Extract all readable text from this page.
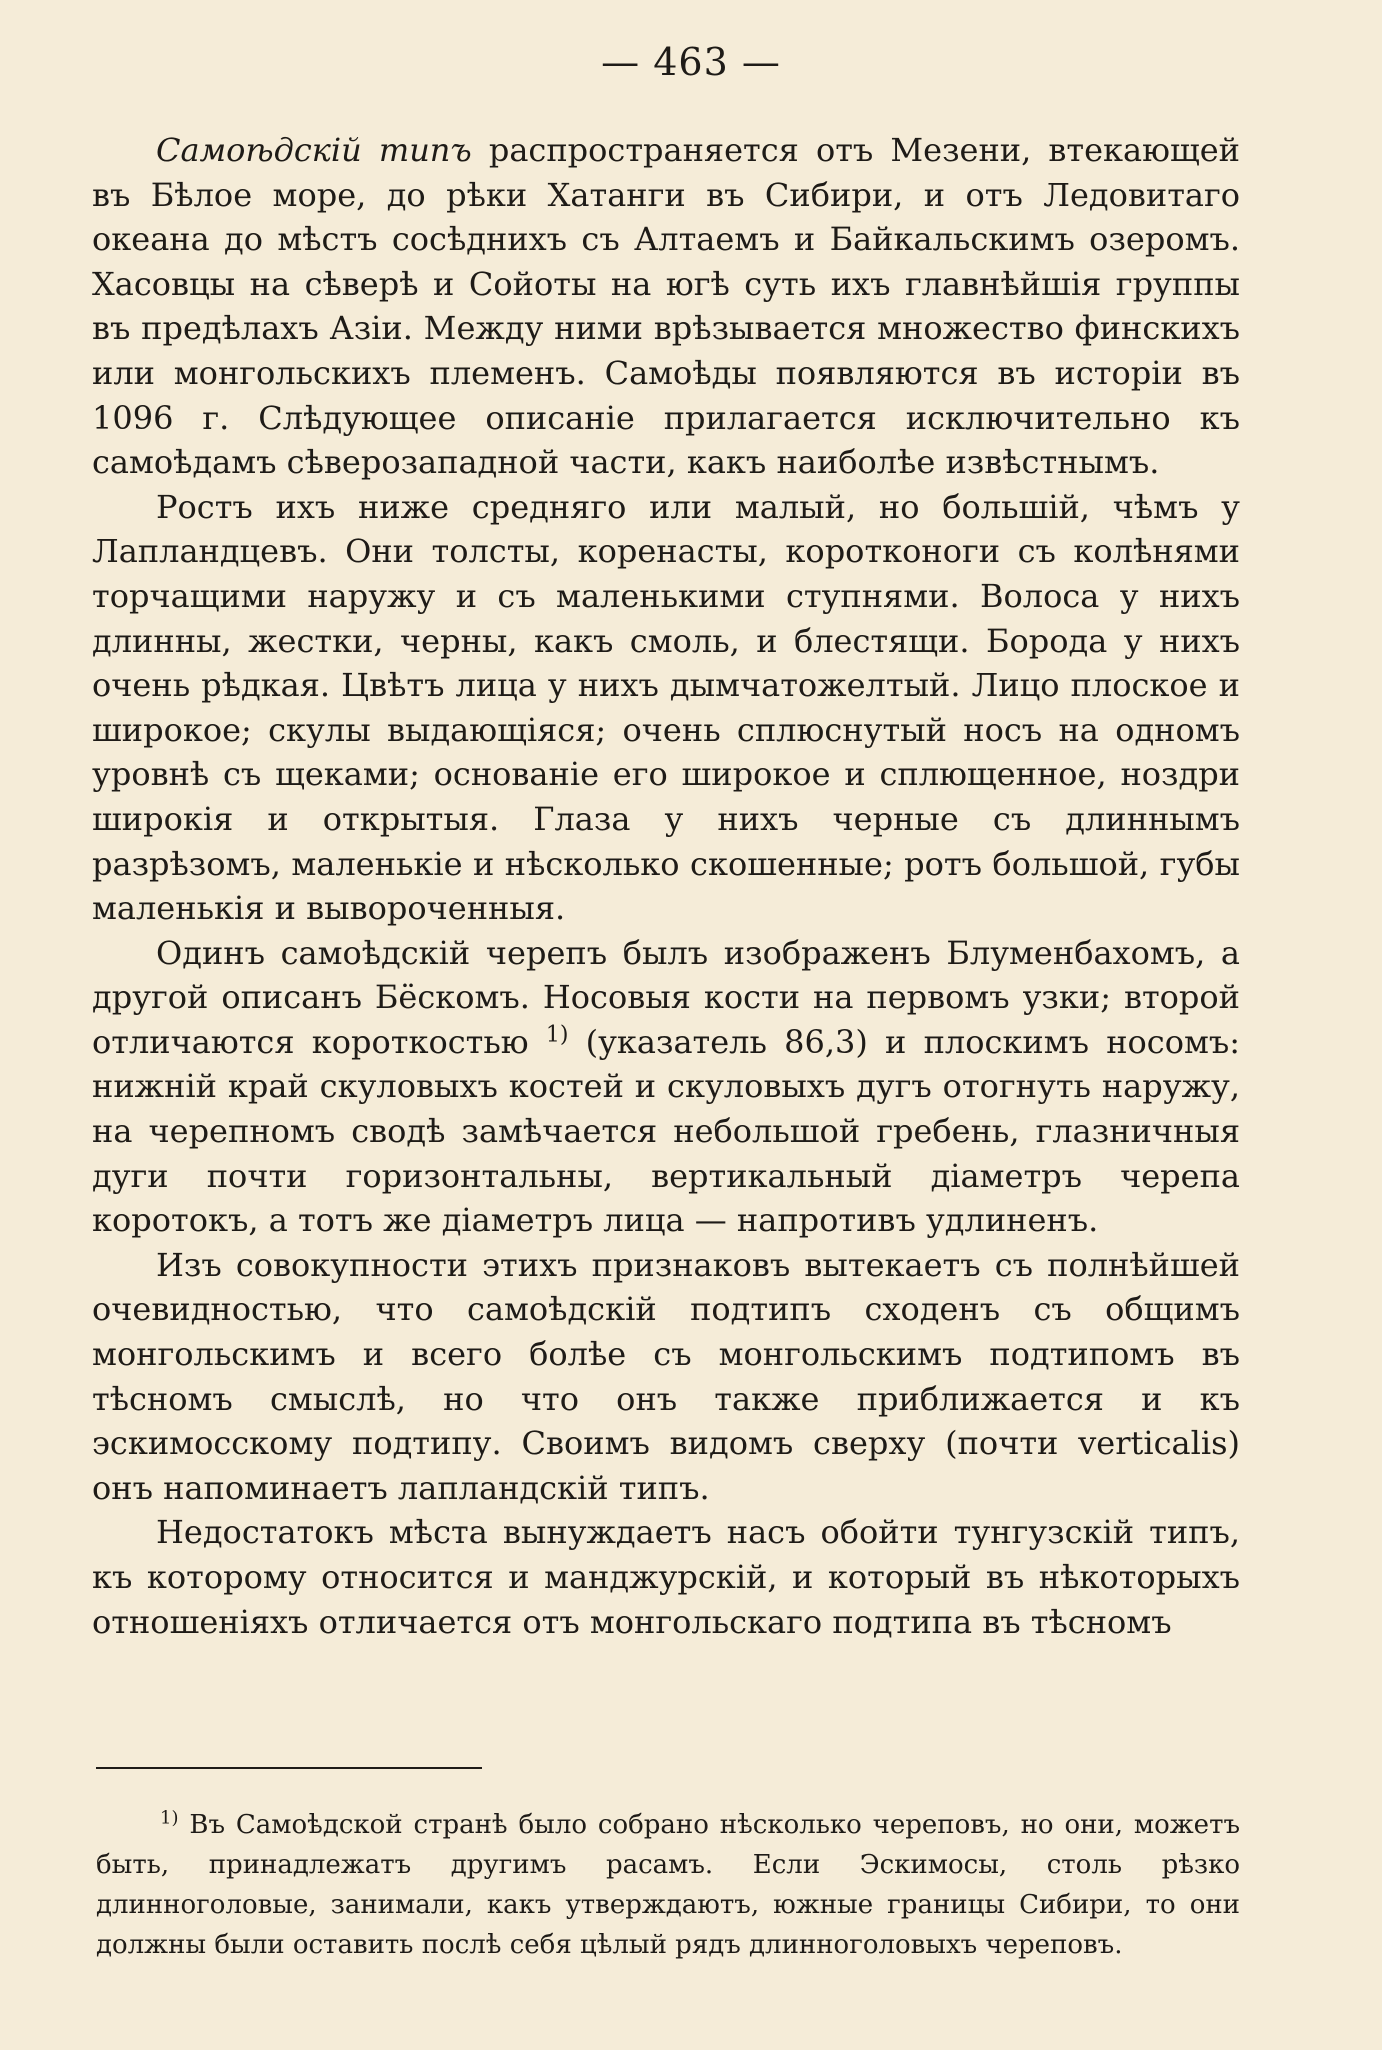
— 463 —

Самоѣдскій типъ распространяется отъ Мезени, втекающей въ Бѣлое море, до рѣки Хатанги въ Сибири, и отъ Ледовитаго океана до мѣстъ сосѣднихъ съ Алтаемъ и Байкальскимъ озеромъ. Хасовцы на сѣверѣ и Сойоты на югѣ суть ихъ главнѣйшія группы въ предѣлахъ Азіи. Между ними врѣзывается множество финскихъ или монгольскихъ племенъ. Самоѣды появляются въ исторіи въ 1096 г. Слѣдующее описаніе прилагается исключительно къ самоѣдамъ сѣверозападной части, какъ наиболѣе извѣстнымъ.

Ростъ ихъ ниже средняго или малый, но большій, чѣмъ у Лапландцевъ. Они толсты, коренасты, коротконоги съ колѣнями торчащими наружу и съ маленькими ступнями. Волоса у нихъ длинны, жестки, черны, какъ смоль, и блестящи. Борода у нихъ очень рѣдкая. Цвѣтъ лица у нихъ дымчатожелтый. Лицо плоское и широкое; скулы выдающіяся; очень сплюснутый носъ на одномъ уровнѣ съ щеками; основаніе его широкое и сплющенное, ноздри широкія и открытыя. Глаза у нихъ черные съ длиннымъ разрѣзомъ, маленькіе и нѣсколько скошенные; ротъ большой, губы маленькія и вывороченныя.

Одинъ самоѣдскій черепъ былъ изображенъ Блуменбахомъ, а другой описанъ Бёскомъ. Носовыя кости на первомъ узки; второй отличаются короткостью $^{1)}$ (указатель 86,3) и плоскимъ носомъ: нижній край скуловыхъ костей и скуловыхъ дугъ отогнуть наружу, на черепномъ сводѣ замѣчается небольшой гребень, глазничныя дуги почти горизонтальны, вертикальный діаметръ черепа коротокъ, а тотъ же діаметръ лица — напротивъ удлиненъ.

Изъ совокупности этихъ признаковъ вытекаетъ съ полнѣйшей очевидностью, что самоѣдскій подтипъ сходенъ съ общимъ монгольскимъ и всего болѣе съ монгольскимъ подтипомъ въ тѣсномъ смыслѣ, но что онъ также приближается и къ эскимосскому подтипу. Своимъ видомъ сверху (почти verticalis) онъ напоминаетъ лапландскій типъ.

Недостатокъ мѣста вынуждаетъ насъ обойти тунгузскій типъ, къ которому относится и манджурскій, и который въ нѣкоторыхъ отношеніяхъ отличается отъ монгольскаго подтипа въ тѣсномъ

$^{1)}$ Въ Самоѣдской странѣ было собрано нѣсколько череповъ, но они, можетъ быть, принадлежатъ другимъ расамъ. Если Эскимосы, столь рѣзко длинноголовые, занимали, какъ утверждаютъ, южные границы Сибири, то они должны были оставить послѣ себя цѣлый рядъ длинноголовыхъ череповъ.
